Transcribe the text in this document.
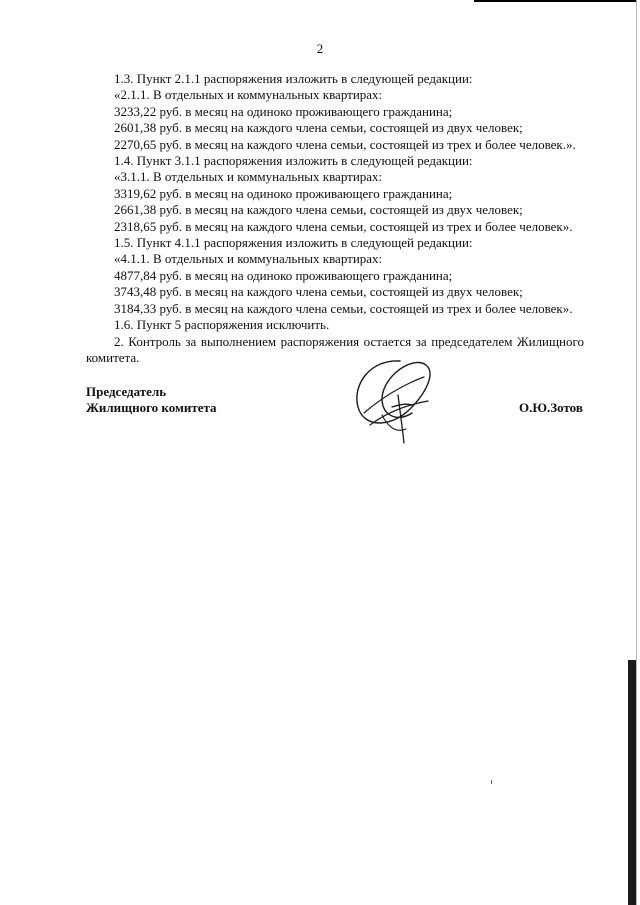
2

1.3. Пункт 2.1.1 распоряжения изложить в следующей редакции:

«2.1.1. В отдельных и коммунальных квартирах:

3233,22 руб. в месяц на одиноко проживающего гражданина;

2601,38 руб. в месяц на каждого члена семьи, состоящей из двух человек;

2270,65 руб. в месяц на каждого члена семьи, состоящей из трех и более человек.».

1.4. Пункт 3.1.1 распоряжения изложить в следующей редакции:

«3.1.1. В отдельных и коммунальных квартирах:

3319,62 руб. в месяц на одиноко проживающего гражданина;

2661,38 руб. в месяц на каждого члена семьи, состоящей из двух человек;

2318,65 руб. в месяц на каждого члена семьи, состоящей из трех и более человек».

1.5. Пункт 4.1.1 распоряжения изложить в следующей редакции:

«4.1.1. В отдельных и коммунальных квартирах:

4877,84 руб. в месяц на одиноко проживающего гражданина;

3743,48 руб. в месяц на каждого члена семьи, состоящей из двух человек;

3184,33 руб. в месяц на каждого члена семьи, состоящей из трех и более человек».

1.6. Пункт 5 распоряжения исключить.

2. Контроль за выполнением распоряжения остается за председателем Жилищного комитета.

Председатель
Жилищного комитета	О.Ю.Зотов
